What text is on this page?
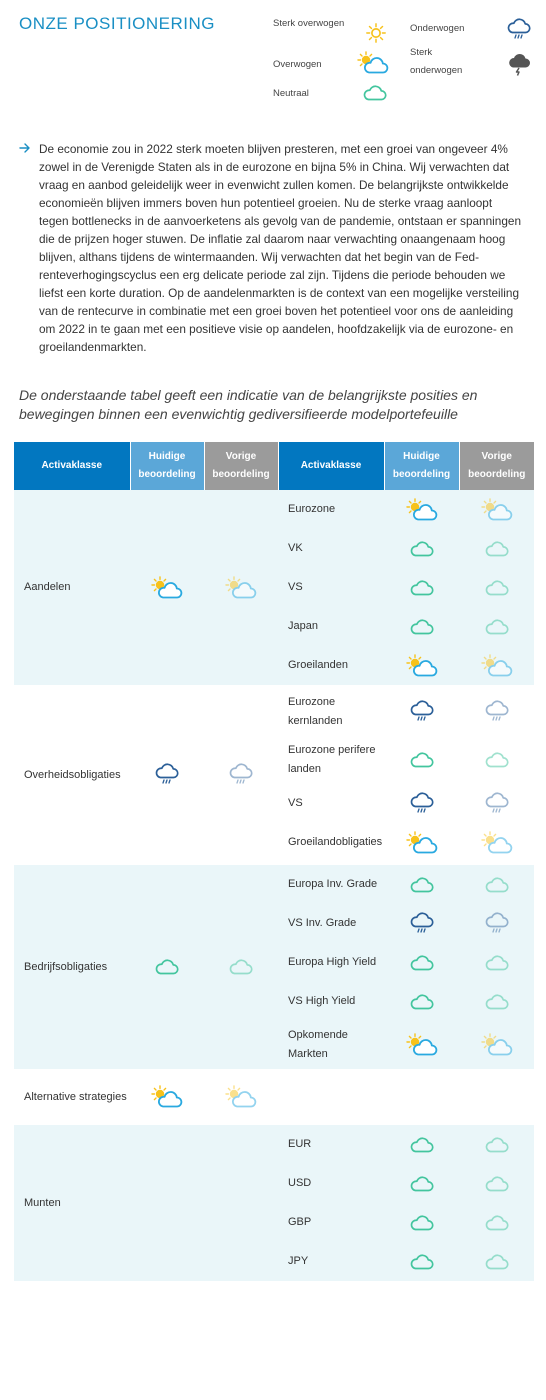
ONZE POSITIONERING	Sterk overwogen
Overwogen
Neutraal
Onderwogen
Sterk onderwogen

De economie zou in 2022 sterk moeten blijven presteren, met een groei van ongeveer 4% zowel in de Verenigde Staten als in de eurozone en bijna 5% in China. Wij verwachten dat vraag en aanbod geleidelijk weer in evenwicht zullen komen. De belangrijkste ontwikkelde economieën blijven immers boven hun potentieel groeien. Nu de sterke vraag aanloopt tegen bottlenecks in de aanvoerketens als gevolg van de pandemie, ontstaan er spanningen die de prijzen hoger stuwen. De inflatie zal daarom naar verwachting onaangenaam hoog blijven, althans tijdens de wintermaanden. Wij verwachten dat het begin van de Fed-renteverhogingscyclus een erg delicate periode zal zijn. Tijdens die periode behouden we liefst een korte duration. Op de aandelenmarkten is de context van een mogelijke versteiling van de rentecurve in combinatie met een groei boven het potentieel voor ons de aanleiding om 2022 in te gaan met een positieve visie op aandelen, hoofdzakelijk via de eurozone- en groeilandenmarkten.

De onderstaande tabel geeft een indicatie van de belangrijkste posities en bewegingen binnen een evenwichtig gediversifieerde modelportefeuille
Activaklasse	Huidige beoordeling	Vorige beoordeling	Activaklasse	Huidige beoordeling	Vorige beoordeling
Aandelen			Eurozone	

			VK	

			VS	

			Japan	

			Groeilanden	

Overheidsobligaties			Eurozone kernlanden	

			Eurozone perifere landen	

			VS	

			Groeilandobligaties	

Bedrijfsobligaties			Europa Inv. Grade	

			VS Inv. Grade	

			Europa High Yield	

			VS High Yield	

			Opkomende Markten	

Alternative strategies	

Munten			EUR	

			USD	

			GBP	

			JPY	
